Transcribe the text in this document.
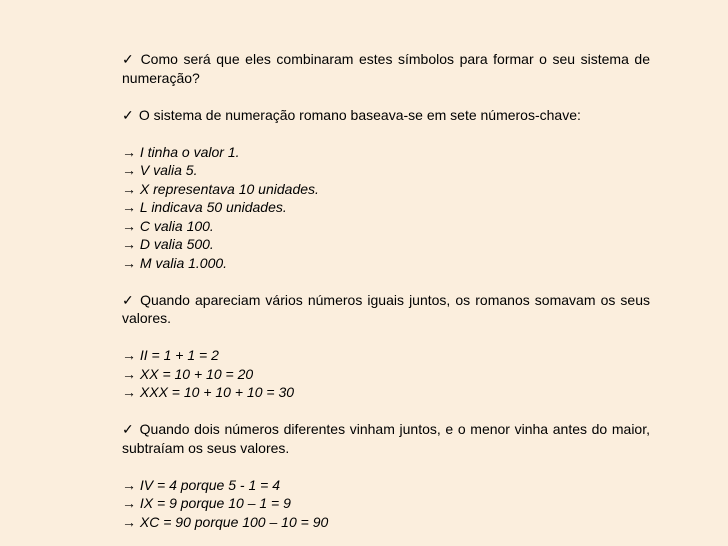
✓ Como será que eles combinaram estes símbolos para formar o seu sistema de numeração?

✓ O sistema de numeração romano baseava-se em sete números-chave:

→ I tinha o valor 1.
→ V valia 5.
→ X representava 10 unidades.
→ L indicava 50 unidades.
→ C valia 100.
→ D valia 500.
→ M valia 1.000.

✓ Quando apareciam vários números iguais juntos, os romanos somavam os seus valores.

→ II = 1 + 1 = 2
→ XX = 10 + 10 = 20
→ XXX = 10 + 10 + 10 = 30

✓ Quando dois números diferentes vinham juntos, e o menor vinha antes do maior, subtraíam os seus valores.

→ IV = 4 porque 5 - 1 = 4
→ IX = 9 porque 10 – 1 = 9
→ XC = 90 porque 100 – 10 = 90
